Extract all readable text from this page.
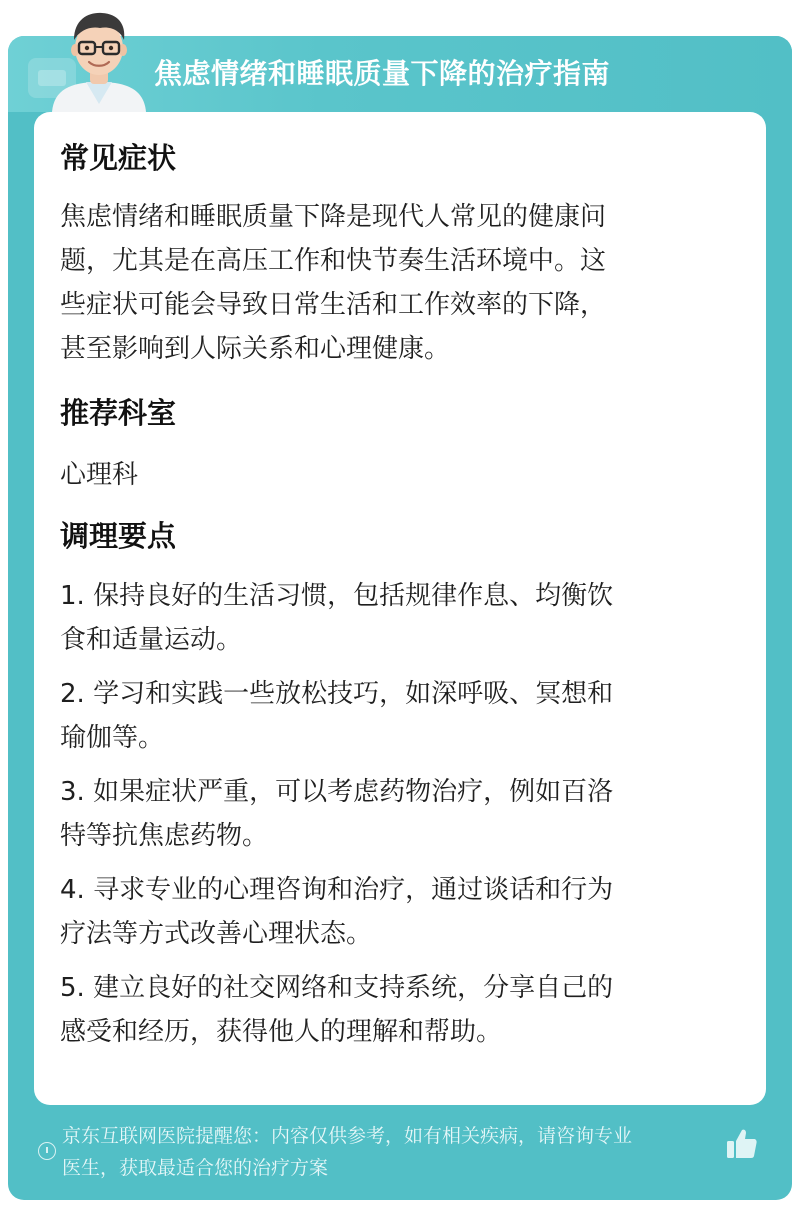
焦虑情绪和睡眠质量下降的治疗指南
常见症状
焦虑情绪和睡眠质量下降是现代人常见的健康问
题，尤其是在高压工作和快节奏生活环境中。这
些症状可能会导致日常生活和工作效率的下降，
甚至影响到人际关系和心理健康。
推荐科室
心理科
调理要点
1. 保持良好的生活习惯，包括规律作息、均衡饮
食和适量运动。
2. 学习和实践一些放松技巧，如深呼吸、冥想和
瑜伽等。
3. 如果症状严重，可以考虑药物治疗，例如百洛
特等抗焦虑药物。
4. 寻求专业的心理咨询和治疗，通过谈话和行为
疗法等方式改善心理状态。
5. 建立良好的社交网络和支持系统，分享自己的
感受和经历，获得他人的理解和帮助。
京东互联网医院提醒您：内容仅供参考，如有相关疾病，请咨询专业
医生，获取最适合您的治疗方案
